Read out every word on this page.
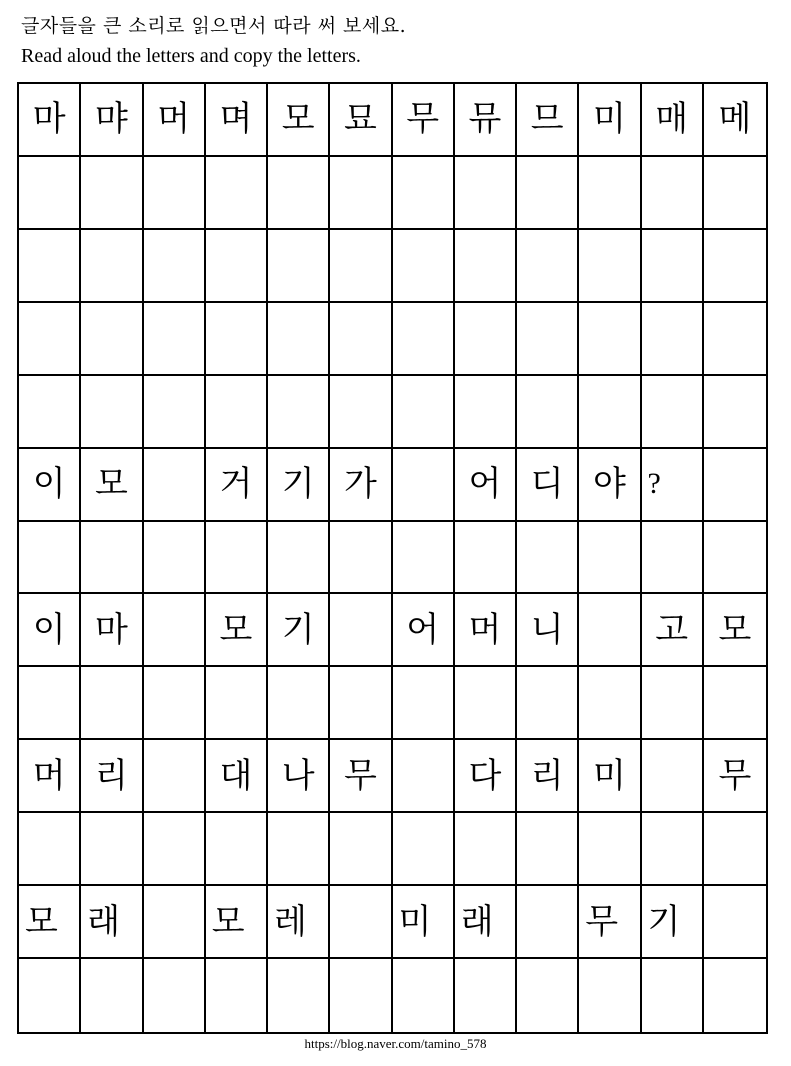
글자들을 큰 소리로 읽으면서 따라 써 보세요.
Read aloud the letters and copy the letters.
마 먀 머 며 모 묘 무 뮤 므 미 매 메
이 모	거 기 가	어 디 야 ?
이 마	모 기	어 머 니	고 모
머 리	대 나 무	다 리 미	무
모 래	모 레	미 래	무 기
https://blog.naver.com/tamino_578
